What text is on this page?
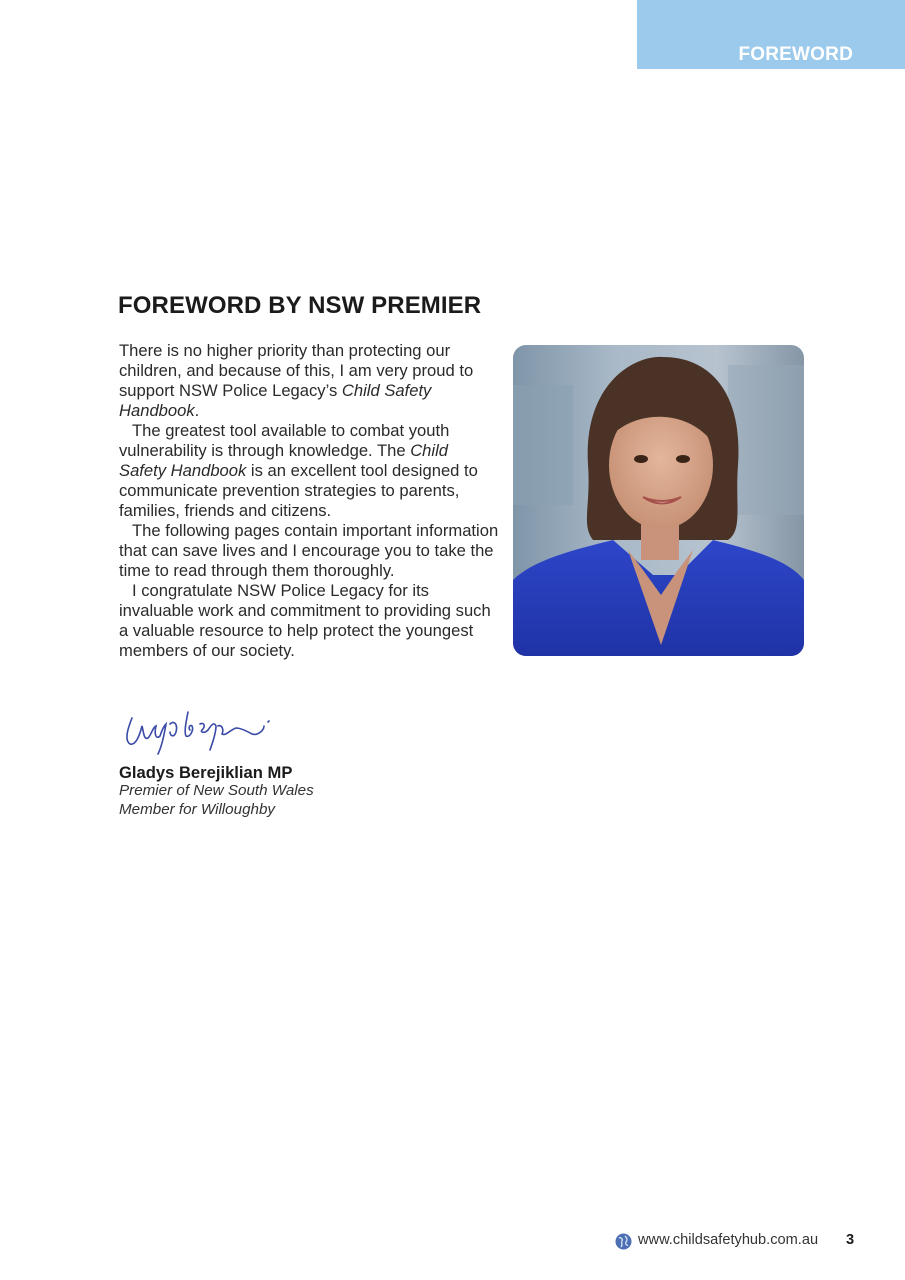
FOREWORD
FOREWORD BY NSW PREMIER

There is no higher priority than protecting our children, and because of this, I am very proud to support NSW Police Legacy’s Child Safety Handbook.

The greatest tool available to combat youth vulnerability is through knowledge. The Child Safety Handbook is an excellent tool designed to communicate prevention strategies to parents, families, friends and citizens.

The following pages contain important information that can save lives and I encourage you to take the time to read through them thoroughly.

I congratulate NSW Police Legacy for its invaluable work and commitment to providing such a valuable resource to help protect the youngest members of our society.

Gladys Berejiklian MP
Premier of New South Wales
Member for Willoughby
www.childsafetyhub.com.au 3
